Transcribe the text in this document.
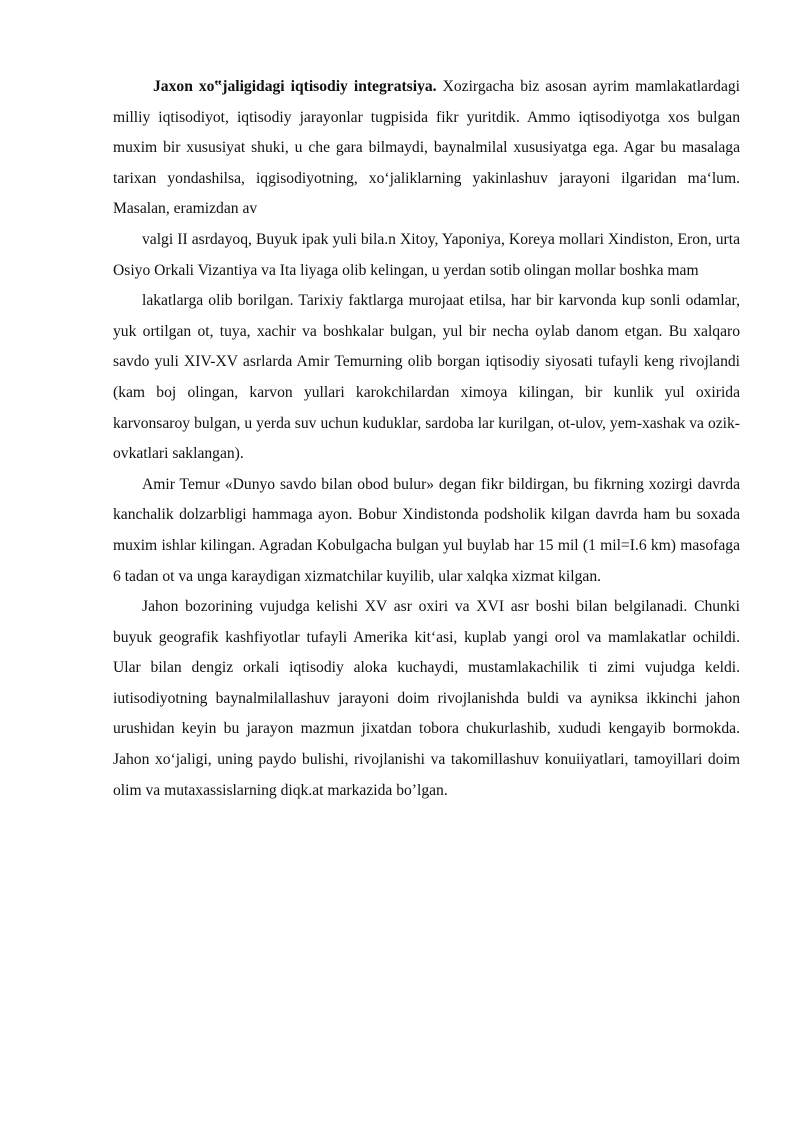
Jaxon xo‟jaligidagi iqtisodiy integratsiya. Xozirgacha biz asosan ayrim mamlakatlardagi milliy iqtisodiyot, iqtisodiy jarayonlar tugpisida fikr yuritdik. Ammo iqtisodiyotga xos bulgan muxim bir xususiyat shuki, u che gara bilmaydi, baynalmilal xususiyatga ega. Agar bu masalaga tarixan yondashilsa, iqgisodiyotning, xo‘jaliklarning yakinlashuv jarayoni ilgaridan ma‘lum. Masalan, eramizdan av

valgi II asrdayoq, Buyuk ipak yuli bila.n Xitoy, Yaponiya, Koreya mollari Xindiston, Eron, urta Osiyo Orkali Vizantiya va Ita liyaga olib kelingan, u yerdan sotib olingan mollar boshka mam

lakatlarga olib borilgan. Tarixiy faktlarga murojaat etilsa, har bir karvonda kup sonli odamlar, yuk ortilgan ot, tuya, xachir va boshkalar bulgan, yul bir necha oylab danom etgan. Bu xalqaro savdo yuli XIV-XV asrlarda Amir Temurning olib borgan iqtisodiy siyosati tufayli keng rivojlandi (kam boj olingan, karvon yullari karokchilardan ximoya kilingan, bir kunlik yul oxirida karvonsaroy bulgan, u yerda suv uchun kuduklar, sardoba lar kurilgan, ot-ulov, yem-xashak va ozik-ovkatlari saklangan).

Amir Temur «Dunyo savdo bilan obod bulur» degan fikr bildirgan, bu fikrning xozirgi davrda kanchalik dolzarbligi hammaga ayon. Bobur Xindistonda podsholik kilgan davrda ham bu soxada muxim ishlar kilingan. Agradan Kobulgacha bulgan yul buylab har 15 mil (1 mil=I.6 km) masofaga 6 tadan ot va unga karaydigan xizmatchilar kuyilib, ular xalqka xizmat kilgan.

Jahon bozorining vujudga kelishi XV asr oxiri va XVI asr boshi bilan belgilanadi. Chunki buyuk geografik kashfiyotlar tufayli Amerika kit‘asi, kuplab yangi orol va mamlakatlar ochildi. Ular bilan dengiz orkali iqtisodiy aloka kuchaydi, mustamlakachilik ti zimi vujudga keldi. iutisodiyotning baynalmilallashuv jarayoni doim rivojlanishda buldi va ayniksa ikkinchi jahon urushidan keyin bu jarayon mazmun jixatdan tobora chukurlashib, xududi kengayib bormokda. Jahon xo‘jaligi, uning paydo bulishi, rivojlanishi va takomillashuv konuiiyatlari, tamoyillari doim olim va mutaxassislarning diqk.at markazida bo’lgan.
